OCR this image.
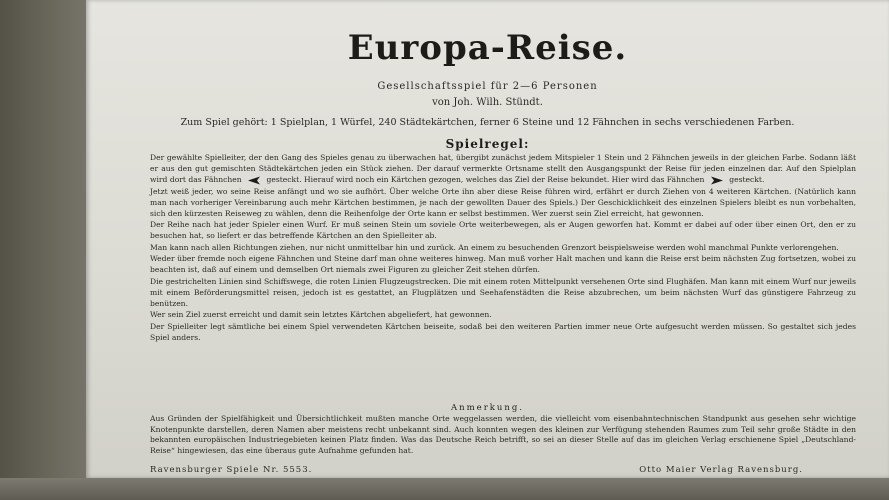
Europa-Reise.
Gesellschaftsspiel für 2—6 Personen
von Joh. Wilh. Stündt.
Zum Spiel gehört: 1 Spielplan, 1 Würfel, 240 Städtekärtchen, ferner 6 Steine und 12 Fähnchen in sechs verschiedenen Farben.
Spielregel:
Der gewählte Spielleiter, der den Gang des Spieles genau zu überwachen hat, übergibt zunächst jedem Mitspieler 1 Stein und 2 Fähnchen jeweils in der gleichen Farbe. Sodann läßt er aus den gut gemischten Städtekärtchen jeden ein Stück ziehen. Der darauf vermerkte Ortsname stellt den Ausgangspunkt der Reise für jeden einzelnen dar. Auf den Spielplan wird dort das Fähnchen	gesteckt. Hierauf wird noch ein Kärtchen gezogen, welches das Ziel der Reise bekundet. Hier wird das Fähnchen	gesteckt.
Jetzt weiß jeder, wo seine Reise anfängt und wo sie aufhört. Über welche Orte ihn aber diese Reise führen wird, erfährt er durch Ziehen von 4 weiteren Kärtchen. (Natürlich kann man nach vorheriger Vereinbarung auch mehr Kärtchen bestimmen, je nach der gewollten Dauer des Spiels.) Der Geschicklichkeit des einzelnen Spielers bleibt es nun vorbehalten, sich den kürzesten Reiseweg zu wählen, denn die Reihenfolge der Orte kann er selbst bestimmen. Wer zuerst sein Ziel erreicht, hat gewonnen.
Der Reihe nach hat jeder Spieler einen Wurf. Er muß seinen Stein um soviele Orte weiterbewegen, als er Augen geworfen hat. Kommt er dabei auf oder über einen Ort, den er zu besuchen hat, so liefert er das betreffende Kärtchen an den Spielleiter ab.
Man kann nach allen Richtungen ziehen, nur nicht unmittelbar hin und zurück. An einem zu besuchenden Grenzort beispielsweise werden wohl manchmal Punkte verlorengehen.
Weder über fremde noch eigene Fähnchen und Steine darf man ohne weiteres hinweg. Man muß vorher Halt machen und kann die Reise erst beim nächsten Zug fortsetzen, wobei zu beachten ist, daß auf einem und demselben Ort niemals zwei Figuren zu gleicher Zeit stehen dürfen.
Die gestrichelten Linien sind Schiffswege, die roten Linien Flugzeugstrecken. Die mit einem roten Mittelpunkt versehenen Orte sind Flughäfen. Man kann mit einem Wurf nur jeweils mit einem Beförderungsmittel reisen, jedoch ist es gestattet, an Flugplätzen und Seehafenstädten die Reise abzubrechen, um beim nächsten Wurf das günstigere Fahrzeug zu benützen.
Wer sein Ziel zuerst erreicht und damit sein letztes Kärtchen abgeliefert, hat gewonnen.
Der Spielleiter legt sämtliche bei einem Spiel verwendeten Kärtchen beiseite, sodaß bei den weiteren Partien immer neue Orte aufgesucht werden müssen. So gestaltet sich jedes Spiel anders.
Anmerkung.
Aus Gründen der Spielfähigkeit und Übersichtlichkeit mußten manche Orte weggelassen werden, die vielleicht vom eisenbahntechnischen Standpunkt aus gesehen sehr wichtige Knotenpunkte darstellen, deren Namen aber meistens recht unbekannt sind. Auch konnten wegen des kleinen zur Verfügung stehenden Raumes zum Teil sehr große Städte in den bekannten europäischen Industriegebieten keinen Platz finden. Was das Deutsche Reich betrifft, so sei an dieser Stelle auf das im gleichen Verlag erschienene Spiel „Deutschland-Reise“ hingewiesen, das eine überaus gute Aufnahme gefunden hat.
Ravensburger Spiele Nr. 5553.	Otto Maier Verlag Ravensburg.
